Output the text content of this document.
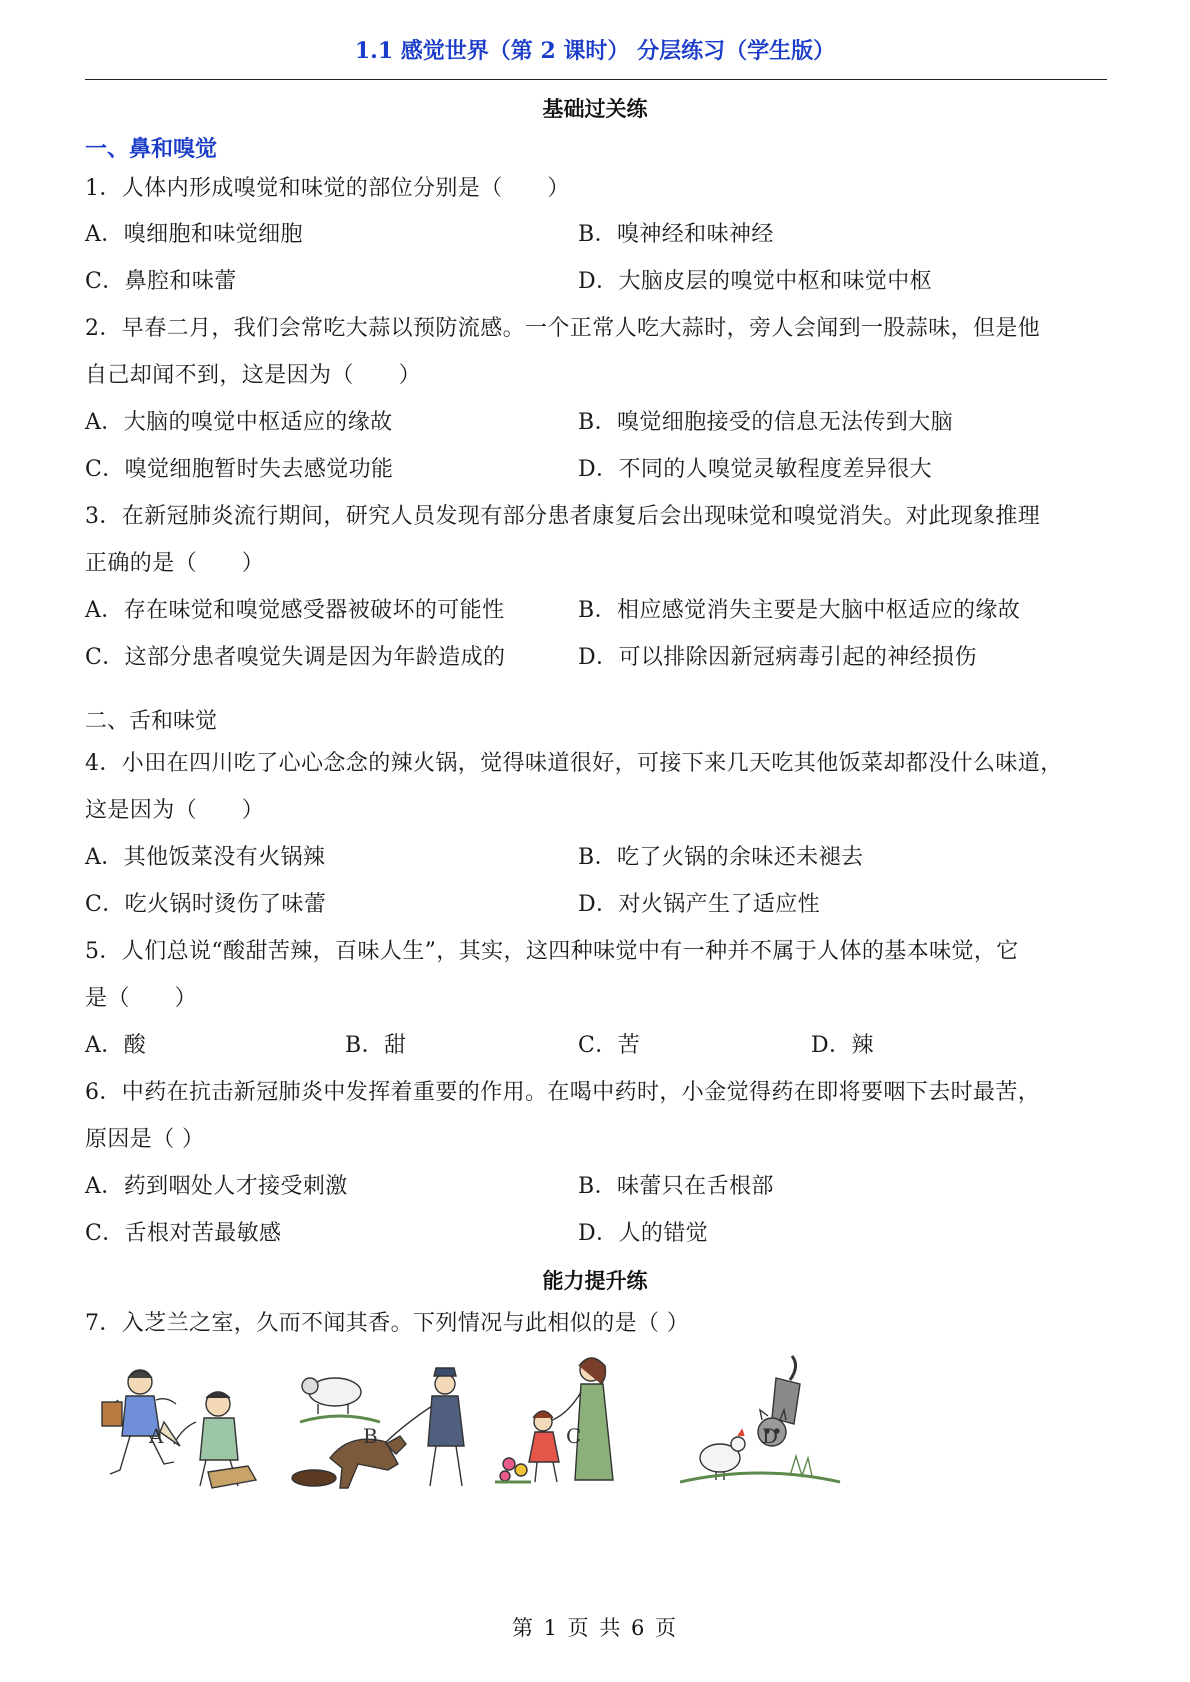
1.1 感觉世界（第 2 课时） 分层练习（学生版）
基础过关练
一、鼻和嗅觉
1．人体内形成嗅觉和味觉的部位分别是（　　）
A．嗅细胞和味觉细胞	B．嗅神经和味神经
C．鼻腔和味蕾	D．大脑皮层的嗅觉中枢和味觉中枢
2．早春二月，我们会常吃大蒜以预防流感。一个正常人吃大蒜时，旁人会闻到一股蒜味，但是他
自己却闻不到，这是因为（　　）
A．大脑的嗅觉中枢适应的缘故	B．嗅觉细胞接受的信息无法传到大脑
C．嗅觉细胞暂时失去感觉功能	D．不同的人嗅觉灵敏程度差异很大
3．在新冠肺炎流行期间，研究人员发现有部分患者康复后会出现味觉和嗅觉消失。对此现象推理
正确的是（　　）
A．存在味觉和嗅觉感受器被破坏的可能性	B．相应感觉消失主要是大脑中枢适应的缘故
C．这部分患者嗅觉失调是因为年龄造成的	D．可以排除因新冠病毒引起的神经损伤
二、舌和味觉
4．小田在四川吃了心心念念的辣火锅，觉得味道很好，可接下来几天吃其他饭菜却都没什么味道，
这是因为（　　）
A．其他饭菜没有火锅辣	B．吃了火锅的余味还未褪去
C．吃火锅时烫伤了味蕾	D．对火锅产生了适应性
5．人们总说“酸甜苦辣，百味人生”，其实，这四种味觉中有一种并不属于人体的基本味觉，它
是（　　）
A．酸	B．甜	C．苦	D．辣
6．中药在抗击新冠肺炎中发挥着重要的作用。在喝中药时，小金觉得药在即将要咽下去时最苦，
原因是（ ）
A．药到咽处人才接受刺激	B．味蕾只在舌根部
C．舌根对苦最敏感	D．人的错觉
能力提升练
7．入芝兰之室，久而不闻其香。下列情况与此相似的是（ ）
A	B	C	D
第 1 页 共 6 页
